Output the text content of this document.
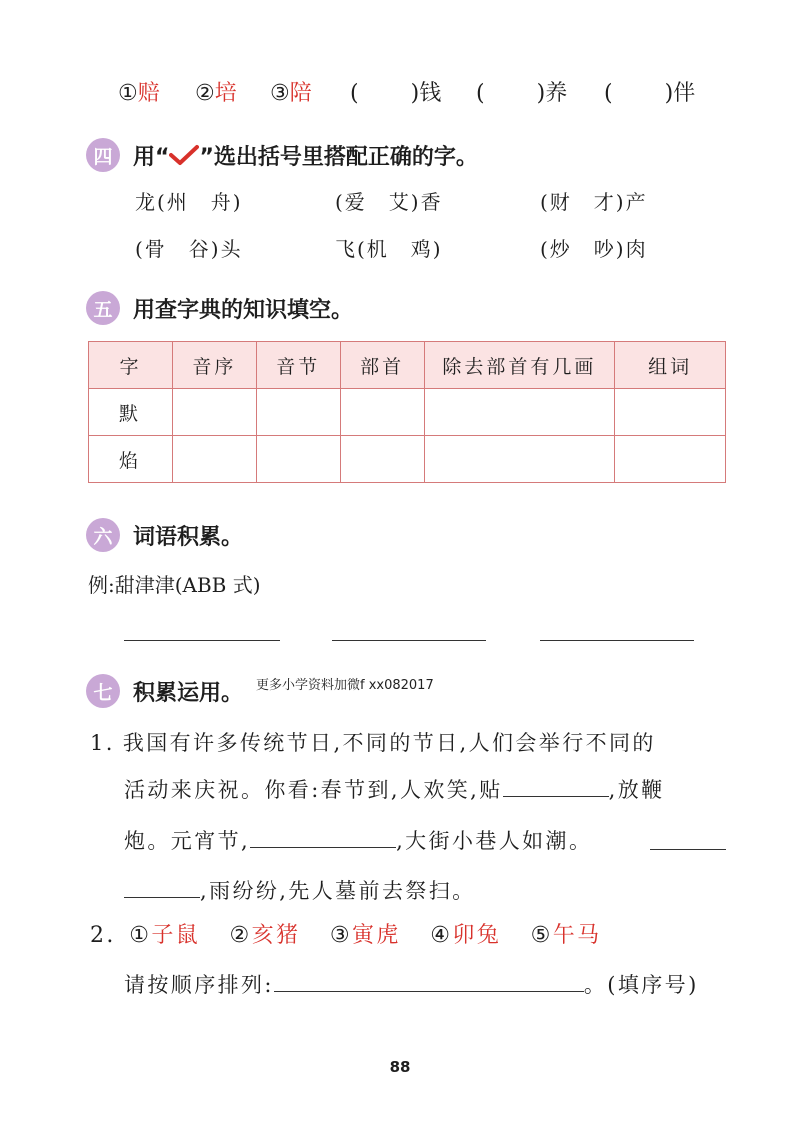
①赔 ②培 ③陪 ( )钱 ( )养 ( )伴
四 用“ ”选出括号里搭配正确的字。
龙(州　舟)	(爱　艾)香	(财　才)产
(骨　谷)头	飞(机　鸡)	(炒　吵)肉
五 用查字典的知识填空。
字	音序	音节	部首	除去部首有几画	组词
默					
焰					
六 词语积累。
例:甜津津(ABB 式)
七 积累运用。 更多小学资料加微f xx082017
1. 我国有许多传统节日,不同的节日,人们会举行不同的
活动来庆祝。你看:春节到,人欢笑,贴	,放鞭
炮。元宵节,	,大街小巷人如潮。
,雨纷纷,先人墓前去祭扫。
2. ①子鼠 ②亥猪 ③寅虎 ④卯兔 ⑤午马
请按顺序排列:	。(填序号)
88
